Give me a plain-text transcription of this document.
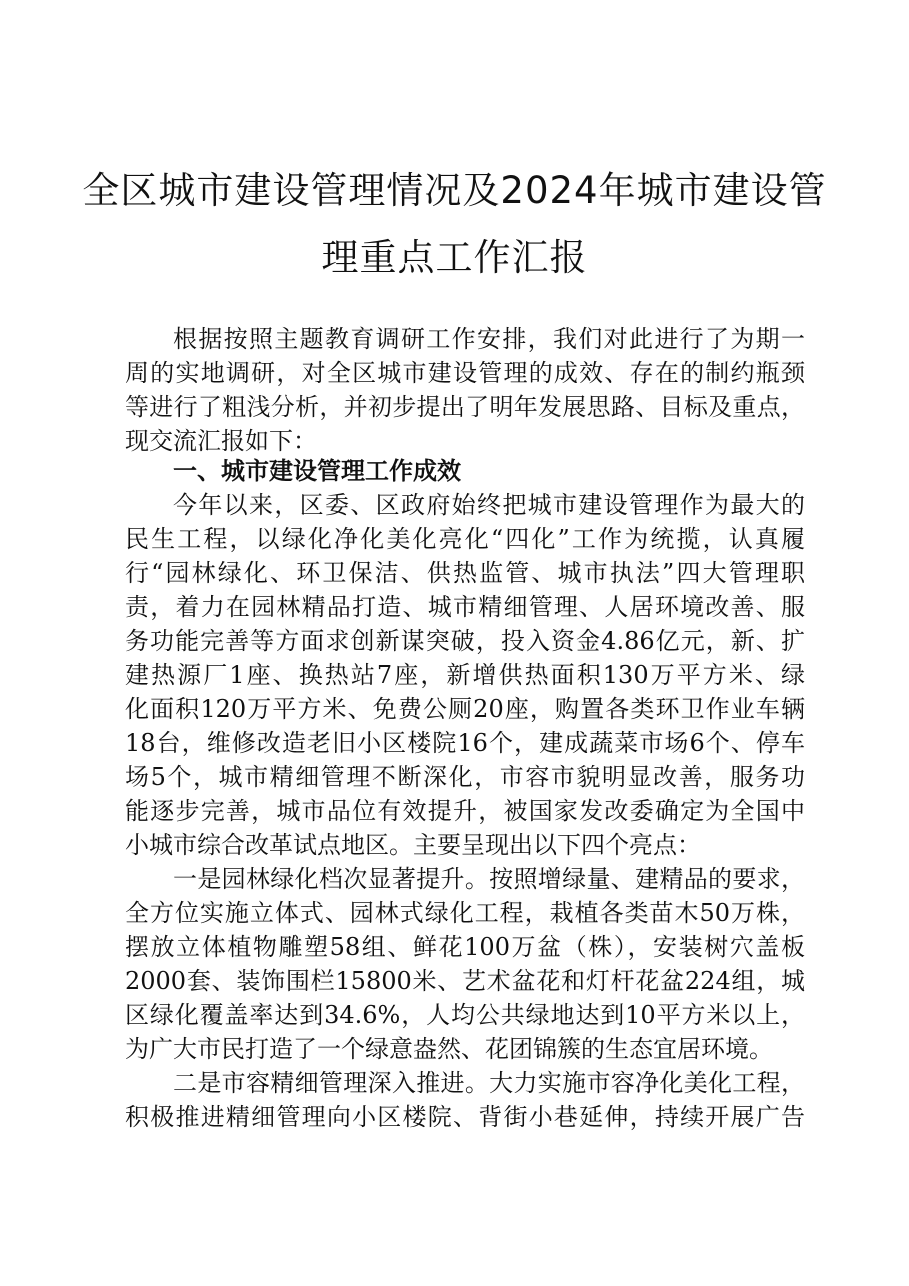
全区城市建设管理情况及2024年城市建设管
理重点工作汇报
根据按照主题教育调研工作安排，我们对此进行了为期一
周的实地调研，对全区城市建设管理的成效、存在的制约瓶颈
等进行了粗浅分析，并初步提出了明年发展思路、目标及重点，
现交流汇报如下：
一、城市建设管理工作成效
今年以来，区委、区政府始终把城市建设管理作为最大的
民生工程，以绿化净化美化亮化“四化”工作为统揽，认真履
行“园林绿化、环卫保洁、供热监管、城市执法”四大管理职
责，着力在园林精品打造、城市精细管理、人居环境改善、服
务功能完善等方面求创新谋突破，投入资金4.86亿元，新、扩
建热源厂1座、换热站7座，新增供热面积130万平方米、绿
化面积120万平方米、免费公厕20座，购置各类环卫作业车辆
18台，维修改造老旧小区楼院16个，建成蔬菜市场6个、停车
场5个，城市精细管理不断深化，市容市貌明显改善，服务功
能逐步完善，城市品位有效提升，被国家发改委确定为全国中
小城市综合改革试点地区。主要呈现出以下四个亮点：
一是园林绿化档次显著提升。按照增绿量、建精品的要求，
全方位实施立体式、园林式绿化工程，栽植各类苗木50万株，
摆放立体植物雕塑58组、鲜花100万盆（株），安装树穴盖板
2000套、装饰围栏15800米、艺术盆花和灯杆花盆224组，城
区绿化覆盖率达到34.6%，人均公共绿地达到10平方米以上，
为广大市民打造了一个绿意盎然、花团锦簇的生态宜居环境。
二是市容精细管理深入推进。大力实施市容净化美化工程，
积极推进精细管理向小区楼院、背街小巷延伸，持续开展广告
